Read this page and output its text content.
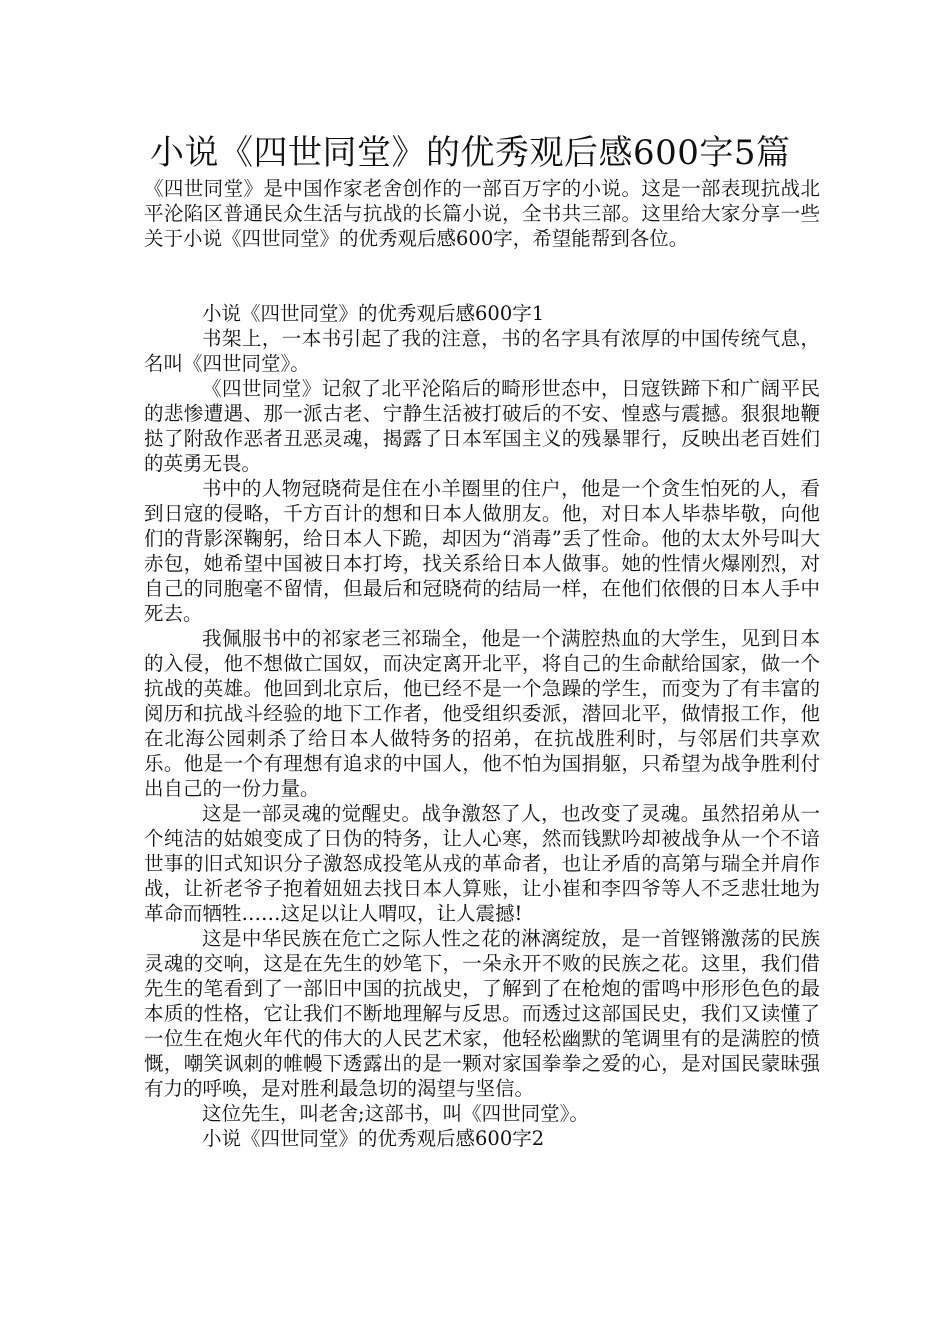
小说《四世同堂》的优秀观后感600字5篇

《四世同堂》是中国作家老舍创作的一部百万字的小说。这是一部表现抗战北平沦陷区普通民众生活与抗战的长篇小说，全书共三部。这里给大家分享一些关于小说《四世同堂》的优秀观后感600字，希望能帮到各位。

小说《四世同堂》的优秀观后感600字1

书架上，一本书引起了我的注意，书的名字具有浓厚的中国传统气息，名叫《四世同堂》。

《四世同堂》记叙了北平沦陷后的畸形世态中，日寇铁蹄下和广阔平民的悲惨遭遇、那一派古老、宁静生活被打破后的不安、惶惑与震撼。狠狠地鞭挞了附敌作恶者丑恶灵魂，揭露了日本军国主义的残暴罪行，反映出老百姓们的英勇无畏。

书中的人物冠晓荷是住在小羊圈里的住户，他是一个贪生怕死的人，看到日寇的侵略，千方百计的想和日本人做朋友。他，对日本人毕恭毕敬，向他们的背影深鞠躬，给日本人下跪，却因为“消毒”丢了性命。他的太太外号叫大赤包，她希望中国被日本打垮，找关系给日本人做事。她的性情火爆刚烈，对自己的同胞毫不留情，但最后和冠晓荷的结局一样，在他们依偎的日本人手中死去。

我佩服书中的祁家老三祁瑞全，他是一个满腔热血的大学生，见到日本的入侵，他不想做亡国奴，而决定离开北平，将自己的生命献给国家，做一个抗战的英雄。他回到北京后，他已经不是一个急躁的学生，而变为了有丰富的阅历和抗战斗经验的地下工作者，他受组织委派，潜回北平，做情报工作，他在北海公园刺杀了给日本人做特务的招弟，在抗战胜利时，与邻居们共享欢乐。他是一个有理想有追求的中国人，他不怕为国捐躯，只希望为战争胜利付出自己的一份力量。

这是一部灵魂的觉醒史。战争激怒了人，也改变了灵魂。虽然招弟从一个纯洁的姑娘变成了日伪的特务，让人心寒，然而钱默吟却被战争从一个不谙世事的旧式知识分子激怒成投笔从戎的革命者，也让矛盾的高第与瑞全并肩作战，让祈老爷子抱着妞妞去找日本人算账，让小崔和李四爷等人不乏悲壮地为革命而牺牲……这足以让人喟叹，让人震撼!

这是中华民族在危亡之际人性之花的淋漓绽放，是一首铿锵激荡的民族灵魂的交响，这是在先生的妙笔下，一朵永开不败的民族之花。这里，我们借先生的笔看到了一部旧中国的抗战史，了解到了在枪炮的雷鸣中形形色色的最本质的性格，它让我们不断地理解与反思。而透过这部国民史，我们又读懂了一位生在炮火年代的伟大的人民艺术家，他轻松幽默的笔调里有的是满腔的愤慨，嘲笑讽刺的帷幔下透露出的是一颗对家国拳拳之爱的心，是对国民蒙昧强有力的呼唤，是对胜利最急切的渴望与坚信。

这位先生，叫老舍;这部书，叫《四世同堂》。

小说《四世同堂》的优秀观后感600字2
